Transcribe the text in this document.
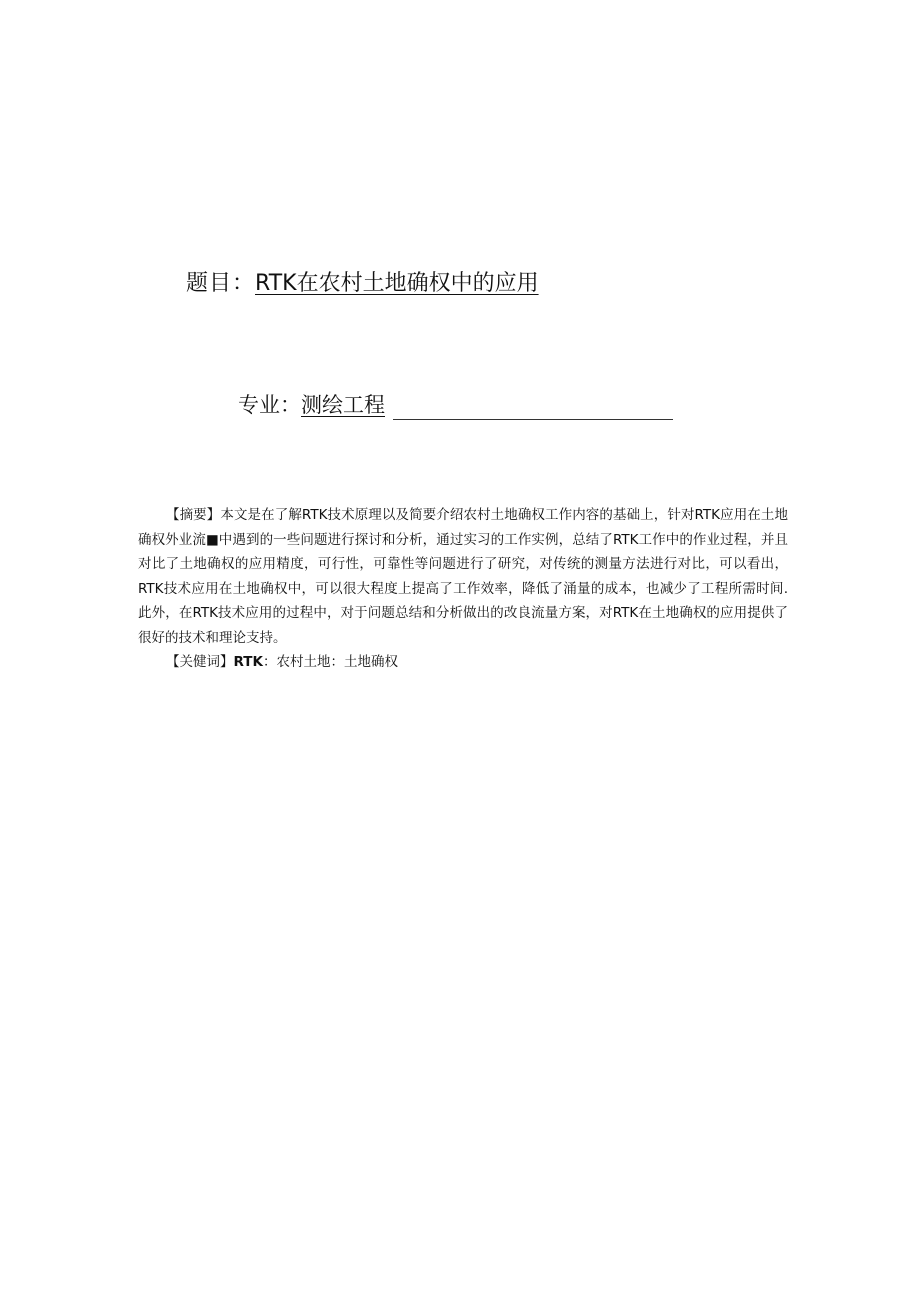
题目：RTK在农村土地确权中的应用
专业：测绘工程
【摘要】本文是在了解RTK技术原理以及简要介绍农村土地确权工作内容的基础上，针对RTK应用在土地确权外业流■中遇到的一些问题进行探讨和分析，通过实习的工作实例，总结了RTK工作中的作业过程，并且对比了土地确权的应用精度，可行性，可靠性等问题进行了研究，对传统的测量方法进行对比，可以看出，RTK技术应用在土地确权中，可以很大程度上提高了工作效率，降低了涌量的成本，也减少了工程所需时间.此外，在RTK技术应用的过程中，对于问题总结和分析做出的改良流量方案，对RTK在土地确权的应用提供了很好的技术和理论支持。
【关健词】RTK：农村土地：土地确权
